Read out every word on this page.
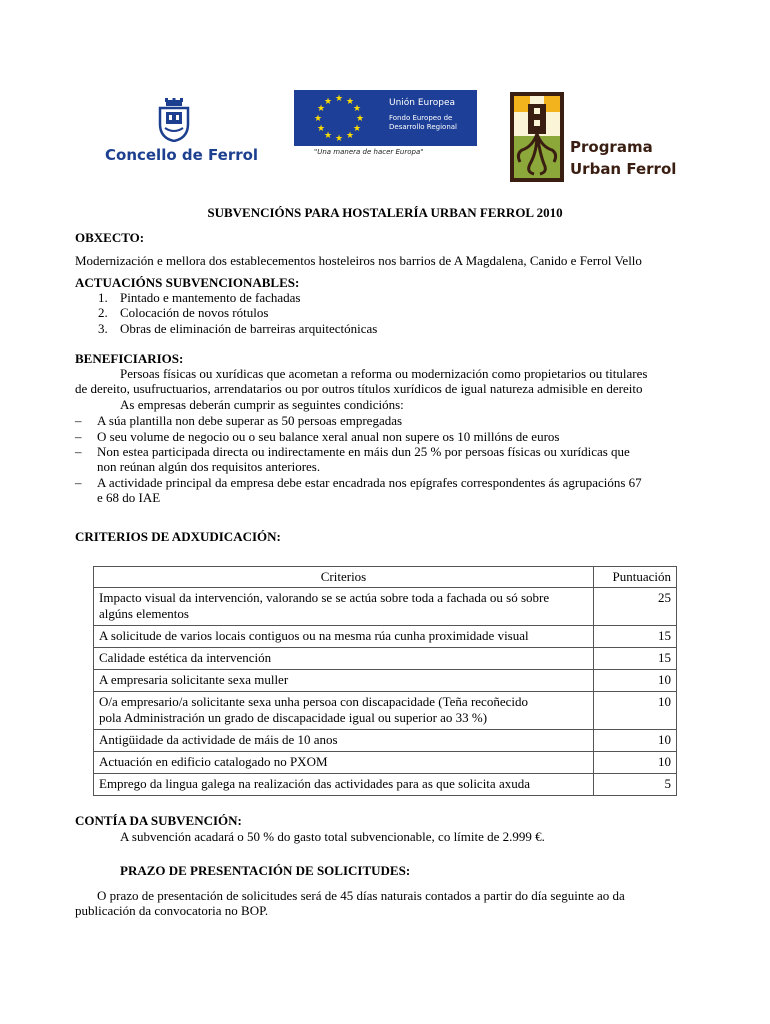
Concello de Ferrol
★ ★
★
★
★
★
★
★
★
★
★
★	Unión Europea
Fondo Europeo de
Desarrollo Regional
"Una manera de hacer Europa"	Programa
Urban Ferrol
SUBVENCIÓNS PARA HOSTALERÍA URBAN FERROL 2010
OBXECTO:
Modernización e mellora dos establecementos hosteleiros nos barrios de A Magdalena, Canido e Ferrol Vello
ACTUACIÓNS SUBVENCIONABLES:
1. Pintado e mantemento de fachadas
2. Colocación de novos rótulos
3. Obras de eliminación de barreiras arquitectónicas
BENEFICIARIOS:
Persoas físicas ou xurídicas que acometan a reforma ou modernización como propietarios ou titulares
de dereito, usufructuarios, arrendatarios ou por outros títulos xurídicos de igual natureza admisible en dereito
As empresas deberán cumprir as seguintes condicións:
– A súa plantilla non debe superar as 50 persoas empregadas
– O seu volume de negocio ou o seu balance xeral anual non supere os 10 millóns de euros
– Non estea participada directa ou indirectamente en máis dun 25 % por persoas físicas ou xurídicas que
non reúnan algún dos requisitos anteriores.
– A actividade principal da empresa debe estar encadrada nos epígrafes correspondentes ás agrupacións 67
e 68 do IAE
CRITERIOS DE ADXUDICACIÓN:
Criterios	Puntuación
Impacto visual da intervención, valorando se se actúa sobre toda a fachada ou só sobre
algúns elementos	25
A solicitude de varios locais contiguos ou na mesma rúa cunha proximidade visual	15
Calidade estética da intervención	15
A empresaria solicitante sexa muller	10
O/a empresario/a solicitante sexa unha persoa con discapacidade (Teña recoñecido
pola Administración un grado de discapacidade igual ou superior ao 33 %)	10
Antigüidade da actividade de máis de 10 anos	10
Actuación en edificio catalogado no PXOM	10
Emprego da lingua galega na realización das actividades para as que solicita axuda	5
CONTÍA DA SUBVENCIÓN:
A subvención acadará o 50 % do gasto total subvencionable, co límite de 2.999 €.
PRAZO DE PRESENTACIÓN DE SOLICITUDES:
O prazo de presentación de solicitudes será de 45 días naturais contados a partir do día seguinte ao da
publicación da convocatoria no BOP.
